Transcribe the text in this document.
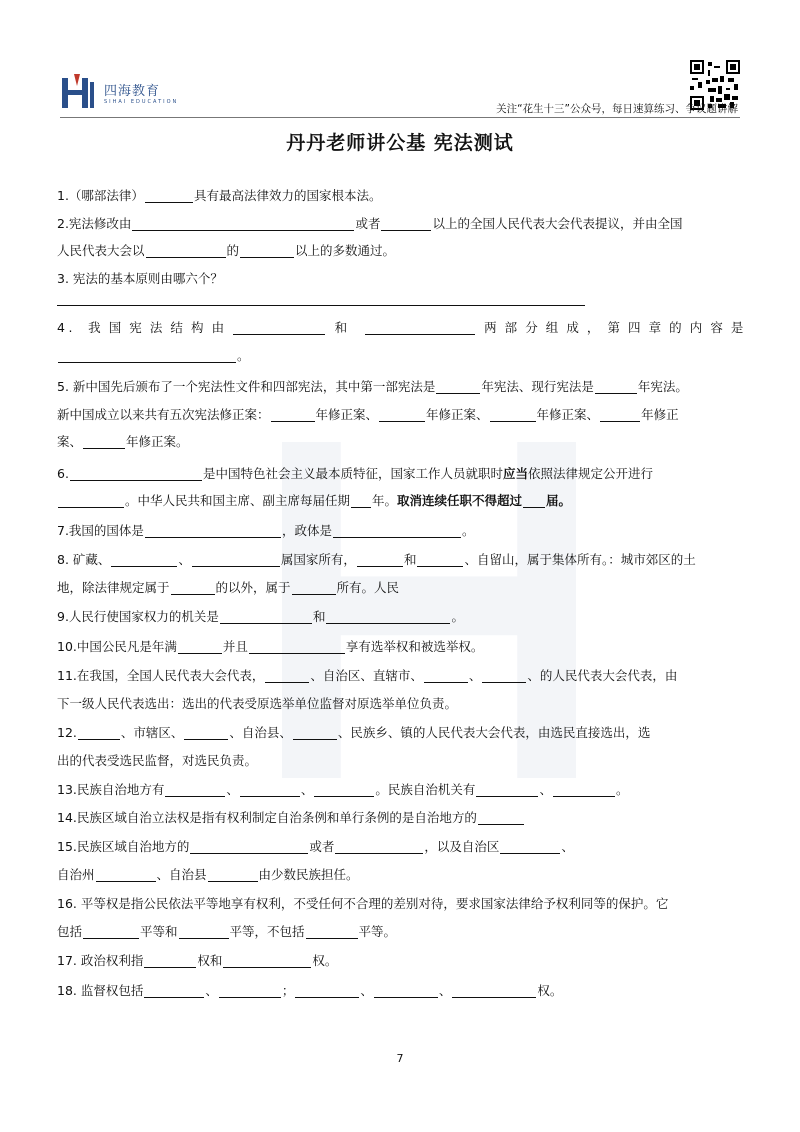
四海教育
SIHAI EDUCATION
关注“花生十三”公众号，每日速算练习、争议题讲解
丹丹老师讲公基 宪法测试
1.（哪部法律）	具有最高法律效力的国家根本法。
2.宪法修改由	或者	以上的全国人民代表大会代表提议，并由全国
人民代表大会以	的	以上的多数通过。
3. 宪法的基本原则由哪六个？
4. 我国宪法结构由	和	两部分组成，第四章的内容是
。
5. 新中国先后颁布了一个宪法性文件和四部宪法，其中第一部宪法是	年宪法、现行宪法是	年宪法。
新中国成立以来共有五次宪法修正案：	年修正案、	年修正案、	年修正案、	年修正
案、	年修正案。
6.	是中国特色社会主义最本质特征，国家工作人员就职时应当依照法律规定公开进行
。中华人民共和国主席、副主席每届任期 年。取消连续任职不得超过 届。
7.我国的国体是	，政体是	。
8. 矿藏、	、	属国家所有，	和	、自留山，属于集体所有。：城市郊区的土
地，除法律规定属于	的以外，属于	所有。人民
9.人民行使国家权力的机关是	和	。
10.中国公民凡是年满	并且	享有选举权和被选举权。
11.在我国，全国人民代表大会代表，	、自治区、直辖市、	、	、的人民代表大会代表，由
下一级人民代表选出：选出的代表受原选举单位监督对原选举单位负责。
12.	、市辖区、	、自治县、	、民族乡、镇的人民代表大会代表，由选民直接选出，选
出的代表受选民监督，对选民负责。
13.民族自治地方有	、	、	。民族自治机关有	、	。
14.民族区域自治立法权是指有权利制定自治条例和单行条例的是自治地方的
15.民族区域自治地方的	或者	，以及自治区	、
自治州	、自治县	由少数民族担任。
16. 平等权是指公民依法平等地享有权利，不受任何不合理的差别对待，要求国家法律给予权利同等的保护。它
包括	平等和	平等，不包括	平等。
17. 政治权利指	权和	权。
18. 监督权包括	、	；	、	、	权。
7
